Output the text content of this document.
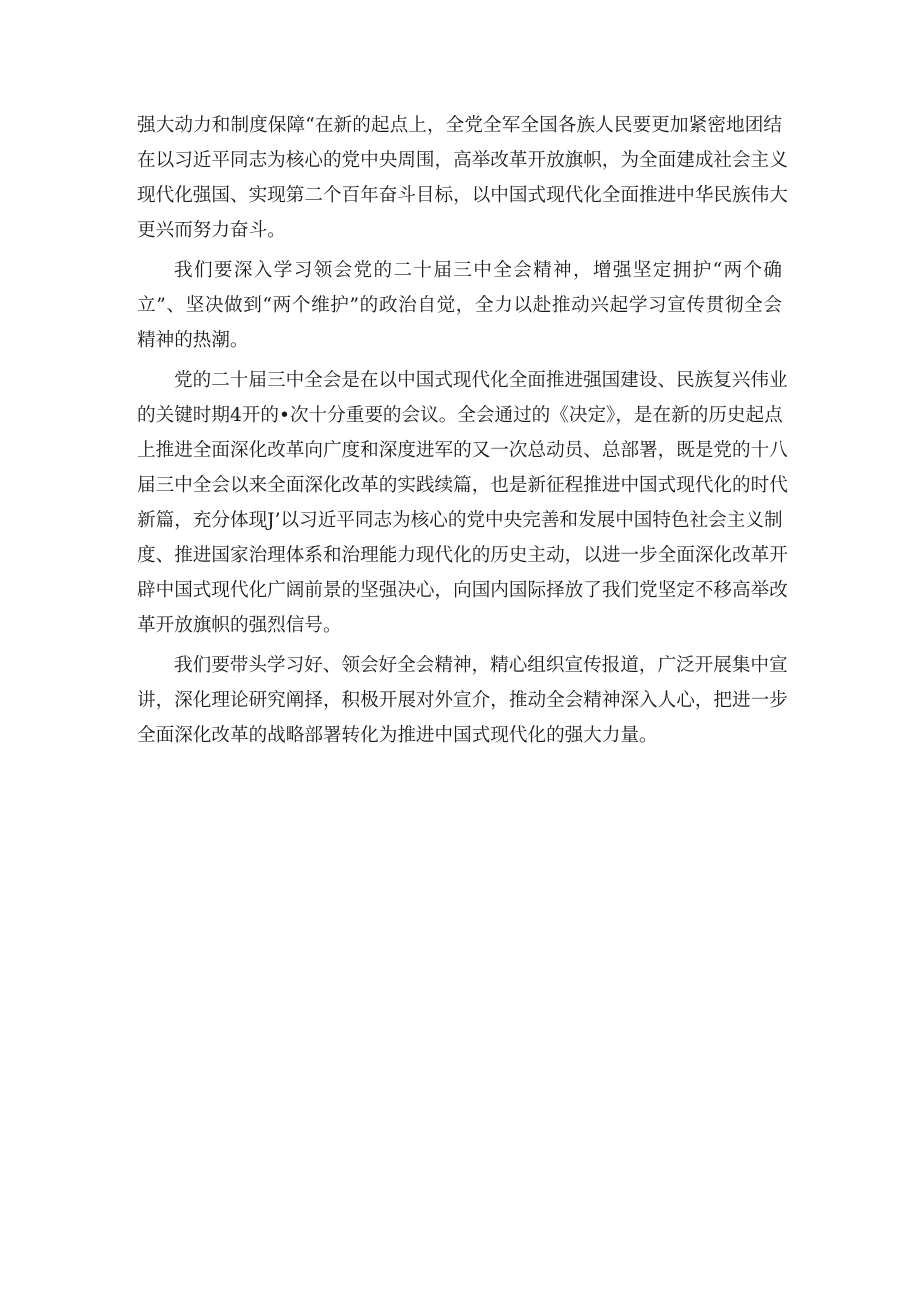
强大动力和制度保障“在新的起点上，全党全军全国各族人民要更加紧密地团结
在以习近平同志为核心的党中央周围，高举改革开放旗帜，为全面建成社会主义
现代化强国、实现第二个百年奋斗目标，以中国式现代化全面推进中华民族伟大
更兴而努力奋斗。
我们要深入学习领会党的二十届三中全会精神，增强坚定拥护“两个确
立”、坚决做到“两个维护”的政治自觉，全力以赴推动兴起学习宣传贯彻全会
精神的热潮。
党的二十届三中全会是在以中国式现代化全面推进强国建设、民族复兴伟业
的关键时期4开的•次十分重要的会议。全会通过的《决定》，是在新的历史起点
上推进全面深化改革向广度和深度进军的又一次总动员、总部署，既是党的十八
届三中全会以来全面深化改革的实践续篇，也是新征程推进中国式现代化的时代
新篇，充分体现J’以习近平同志为核心的党中央完善和发展中国特色社会主义制
度、推进国家治理体系和治理能力现代化的历史主动，以进一步全面深化改革开
辟中国式现代化广阔前景的坚强决心，向国内国际择放了我们党坚定不移高举改
革开放旗帜的强烈信号。
我们要带头学习好、领会好全会精神，精心组织宣传报道，广泛开展集中宣
讲，深化理论研究阐择，积极开展对外宣介，推动全会精神深入人心，把进一步
全面深化改革的战略部署转化为推进中国式现代化的强大力量。
